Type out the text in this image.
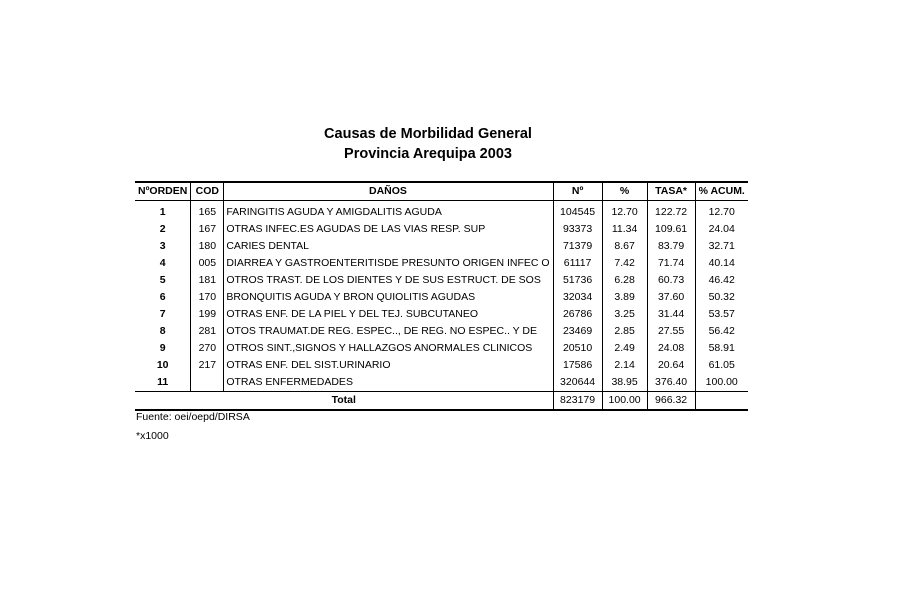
Causas de Morbilidad General
Provincia Arequipa 2003
NºORDEN	COD	DAÑOS	Nº	%	TASA*	% ACUM.
1	165	FARINGITIS AGUDA Y AMIGDALITIS AGUDA	104545	12.70	122.72	12.70
2	167	OTRAS INFEC.ES AGUDAS DE LAS VIAS RESP. SUP	93373	11.34	109.61	24.04
3	180	CARIES DENTAL	71379	8.67	83.79	32.71
4	005	DIARREA Y GASTROENTERITISDE PRESUNTO ORIGEN INFEC O	61117	7.42	71.74	40.14
5	181	OTROS TRAST. DE LOS DIENTES Y DE SUS ESTRUCT. DE SOS	51736	6.28	60.73	46.42
6	170	BRONQUITIS AGUDA Y BRON QUIOLITIS AGUDAS	32034	3.89	37.60	50.32
7	199	OTRAS ENF. DE LA PIEL Y DEL TEJ. SUBCUTANEO	26786	3.25	31.44	53.57
8	281	OTOS TRAUMAT.DE REG. ESPEC.., DE REG. NO ESPEC.. Y DE	23469	2.85	27.55	56.42
9	270	OTROS SINT.,SIGNOS Y HALLAZGOS ANORMALES CLINICOS	20510	2.49	24.08	58.91
10	217	OTRAS ENF. DEL SIST.URINARIO	17586	2.14	20.64	61.05
11		OTRAS ENFERMEDADES	320644	38.95	376.40	100.00
Total			823179	100.00	966.32	
Fuente: oei/oepd/DIRSA
*x1000
